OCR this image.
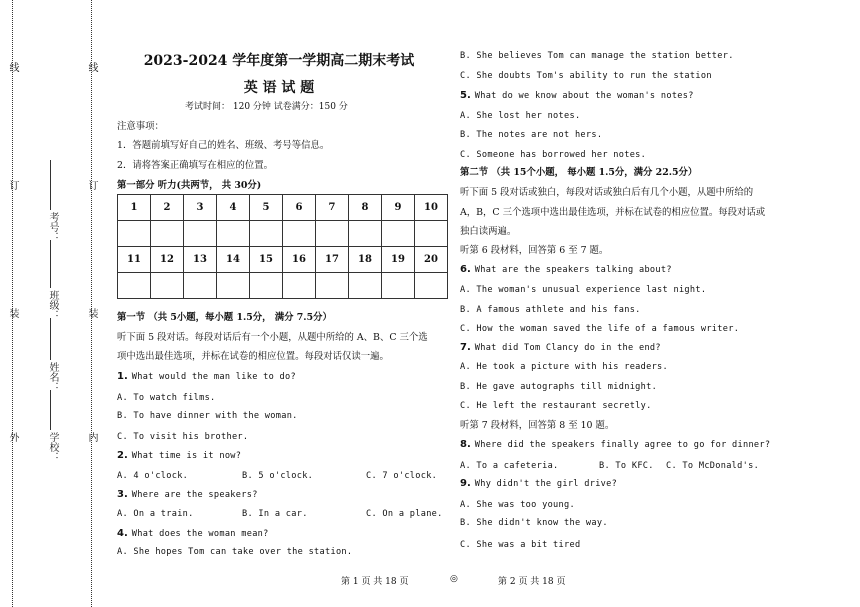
线
订
装
外
线
订
装
内
考号：
班级：
姓名：
学校：
2023-2024 学年度第一学期高二期末考试
英 语 试 题
考试时间： 120 分钟 试卷满分：150 分
注意事项：
1．答题前填写好自己的姓名、班级、考号等信息。
2．请将答案正确填写在相应的位置。
第一部分 听力(共两节， 共 30分)
1	2	3	4	5	6	7	8	9	10

11	12	13	14	15	16	17	18	19	20

第一节 （共 5小题，每小题 1.5分， 满分 7.5分）
听下面 5 段对话。每段对话后有一个小题，从题中所给的 A、B、C 三个选
项中选出最佳选项，并标在试卷的相应位置。每段对话仅读一遍。
1. What would the man like to do?
A. To watch films.
B. To have dinner with the woman.
C. To visit his brother.
2. What time is it now?
A. 4 o'clock.	B. 5 o'clock.	C. 7 o'clock.
3. Where are the speakers?
A. On a train.	B. In a car.	C. On a plane.
4. What does the woman mean?
A. She hopes Tom can take over the station.
B. She believes Tom can manage the station better.
C. She doubts Tom's ability to run the station
5. What do we know about the woman's notes?
A. She lost her notes.
B. The notes are not hers.
C. Someone has borrowed her notes.
第二节 （共 15个小题， 每小题 1.5分，满分 22.5分）
听下面 5 段对话或独白，每段对话或独白后有几个小题，从题中所给的
A，B，C 三个选项中选出最佳选项，并标在试卷的相应位置。每段对话或
独白读两遍。
听第 6 段材料，回答第 6 至 7 题。
6. What are the speakers talking about?
A. The woman's unusual experience last night.
B. A famous athlete and his fans.
C. How the woman saved the life of a famous writer.
7. What did Tom Clancy do in the end?
A. He took a picture with his readers.
B. He gave autographs till midnight.
C. He left the restaurant secretly.
听第 7 段材料，回答第 8 至 10 题。
8. Where did the speakers finally agree to go for dinner?
A. To a cafeteria.	B. To KFC. C. To McDonald's.
9. Why didn't the girl drive?
A. She was too young.
B. She didn't know the way.
C. She was a bit tired
第 1 页 共 18 页	◎	第 2 页 共 18 页
